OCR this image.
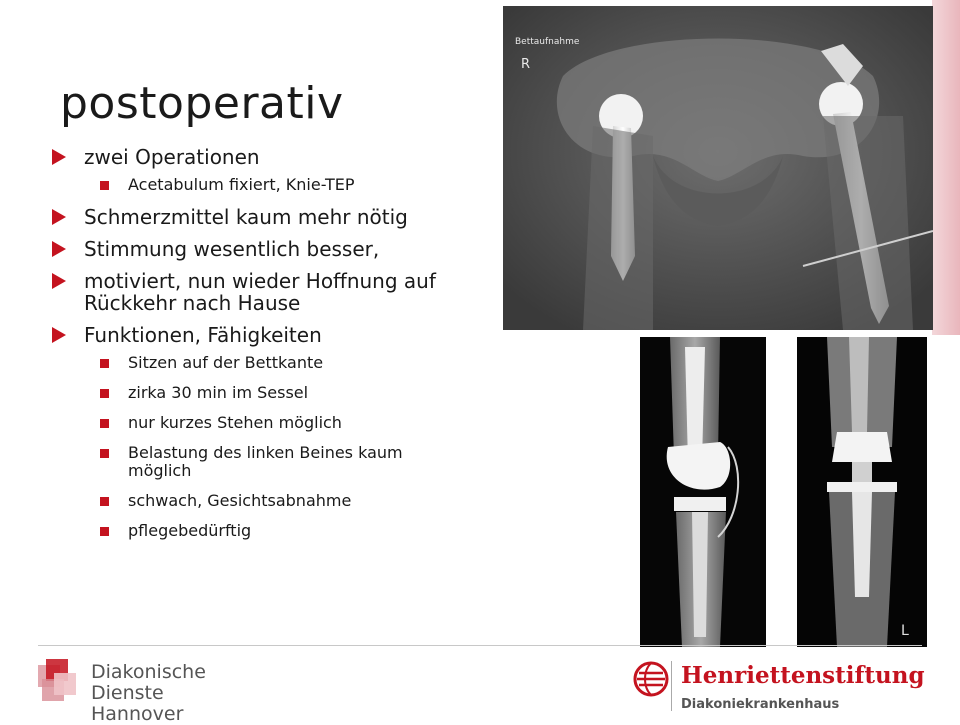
postoperativ
zwei Operationen
Acetabulum fixiert, Knie-TEP
Schmerzmittel kaum mehr nötig
Stimmung wesentlich besser,
motiviert, nun wieder Hoffnung auf Rückkehr nach Hause
Funktionen, Fähigkeiten
Sitzen auf der Bettkante
zirka 30 min im Sessel
nur kurzes Stehen möglich
Belastung des linken Beines kaum möglich
schwach, Gesichtsabnahme
pflegebedürftig
Bettaufnahme
R
L
Diakonische
Dienste Hannover
Henriettenstiftung
Diakoniekrankenhaus
